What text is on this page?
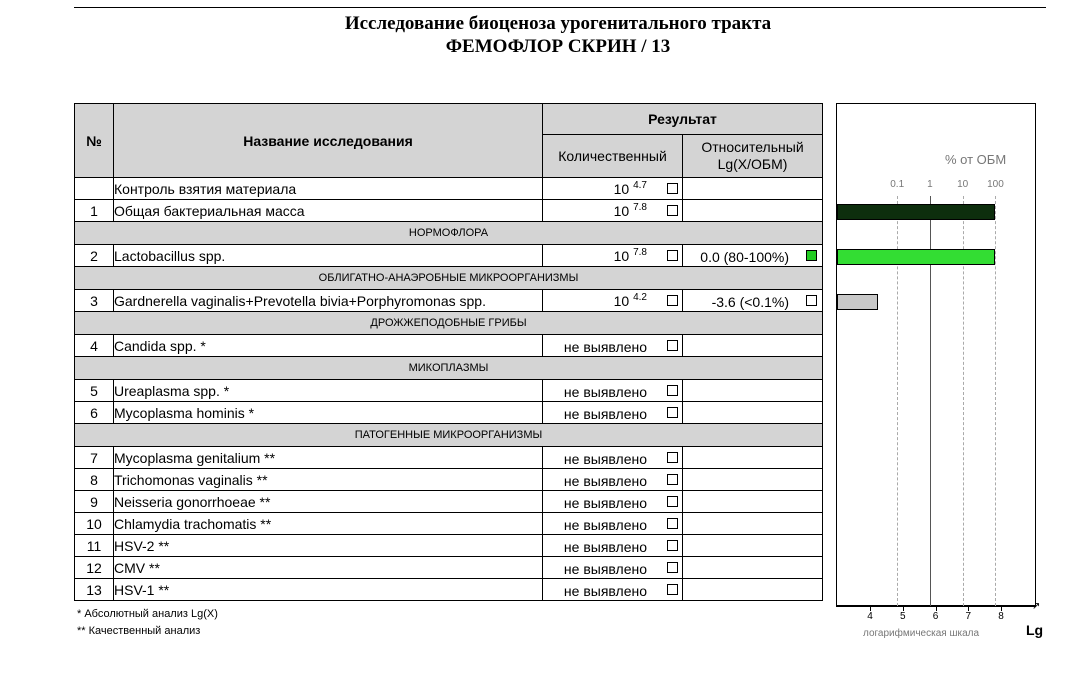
Исследование биоценоза урогенитального тракта
ФЕМОФЛОР СКРИН / 13
№	Название исследования	Результат	
		Количественный	Относительный Lg(X/ОБМ)
	Контроль взятия материала	10 $^{4.7}$

1	Общая бактериальная масса	10 $^{7.8}$

НОРМОФЛОРА			
2	Lactobacillus spp.	10 $^{7.8}$	0.0 (80-100%)

ОБЛИГАТНО-АНАЭРОБНЫЕ МИКРООРГАНИЗМЫ			
3	Gardnerella vaginalis+Prevotella bivia+Porphyromonas spp.	10 $^{4.2}$	-3.6 (<0.1%)

ДРОЖЖЕПОДОБНЫЕ ГРИБЫ			
4	Candida spp. *	не выявлено	

МИКОПЛАЗМЫ			
5	Ureaplasma spp. *	не выявлено	

6	Mycoplasma hominis *	не выявлено	

ПАТОГЕННЫЕ МИКРООРГАНИЗМЫ			
7	Mycoplasma genitalium **	не выявлено	

8	Trichomonas vaginalis **	не выявлено	

9	Neisseria gonorrhoeae **	не выявлено	

10	Chlamydia trachomatis **	не выявлено	

11	HSV-2 **	не выявлено	

12	CMV **	не выявлено	

13	HSV-1 **	не выявлено	

% от ОБМ
0.1 1 10 100
↗
4	5	6	7	8
логарифмическая шкала	Lg
* Абсолютный анализ Lg(X)
** Качественный анализ
